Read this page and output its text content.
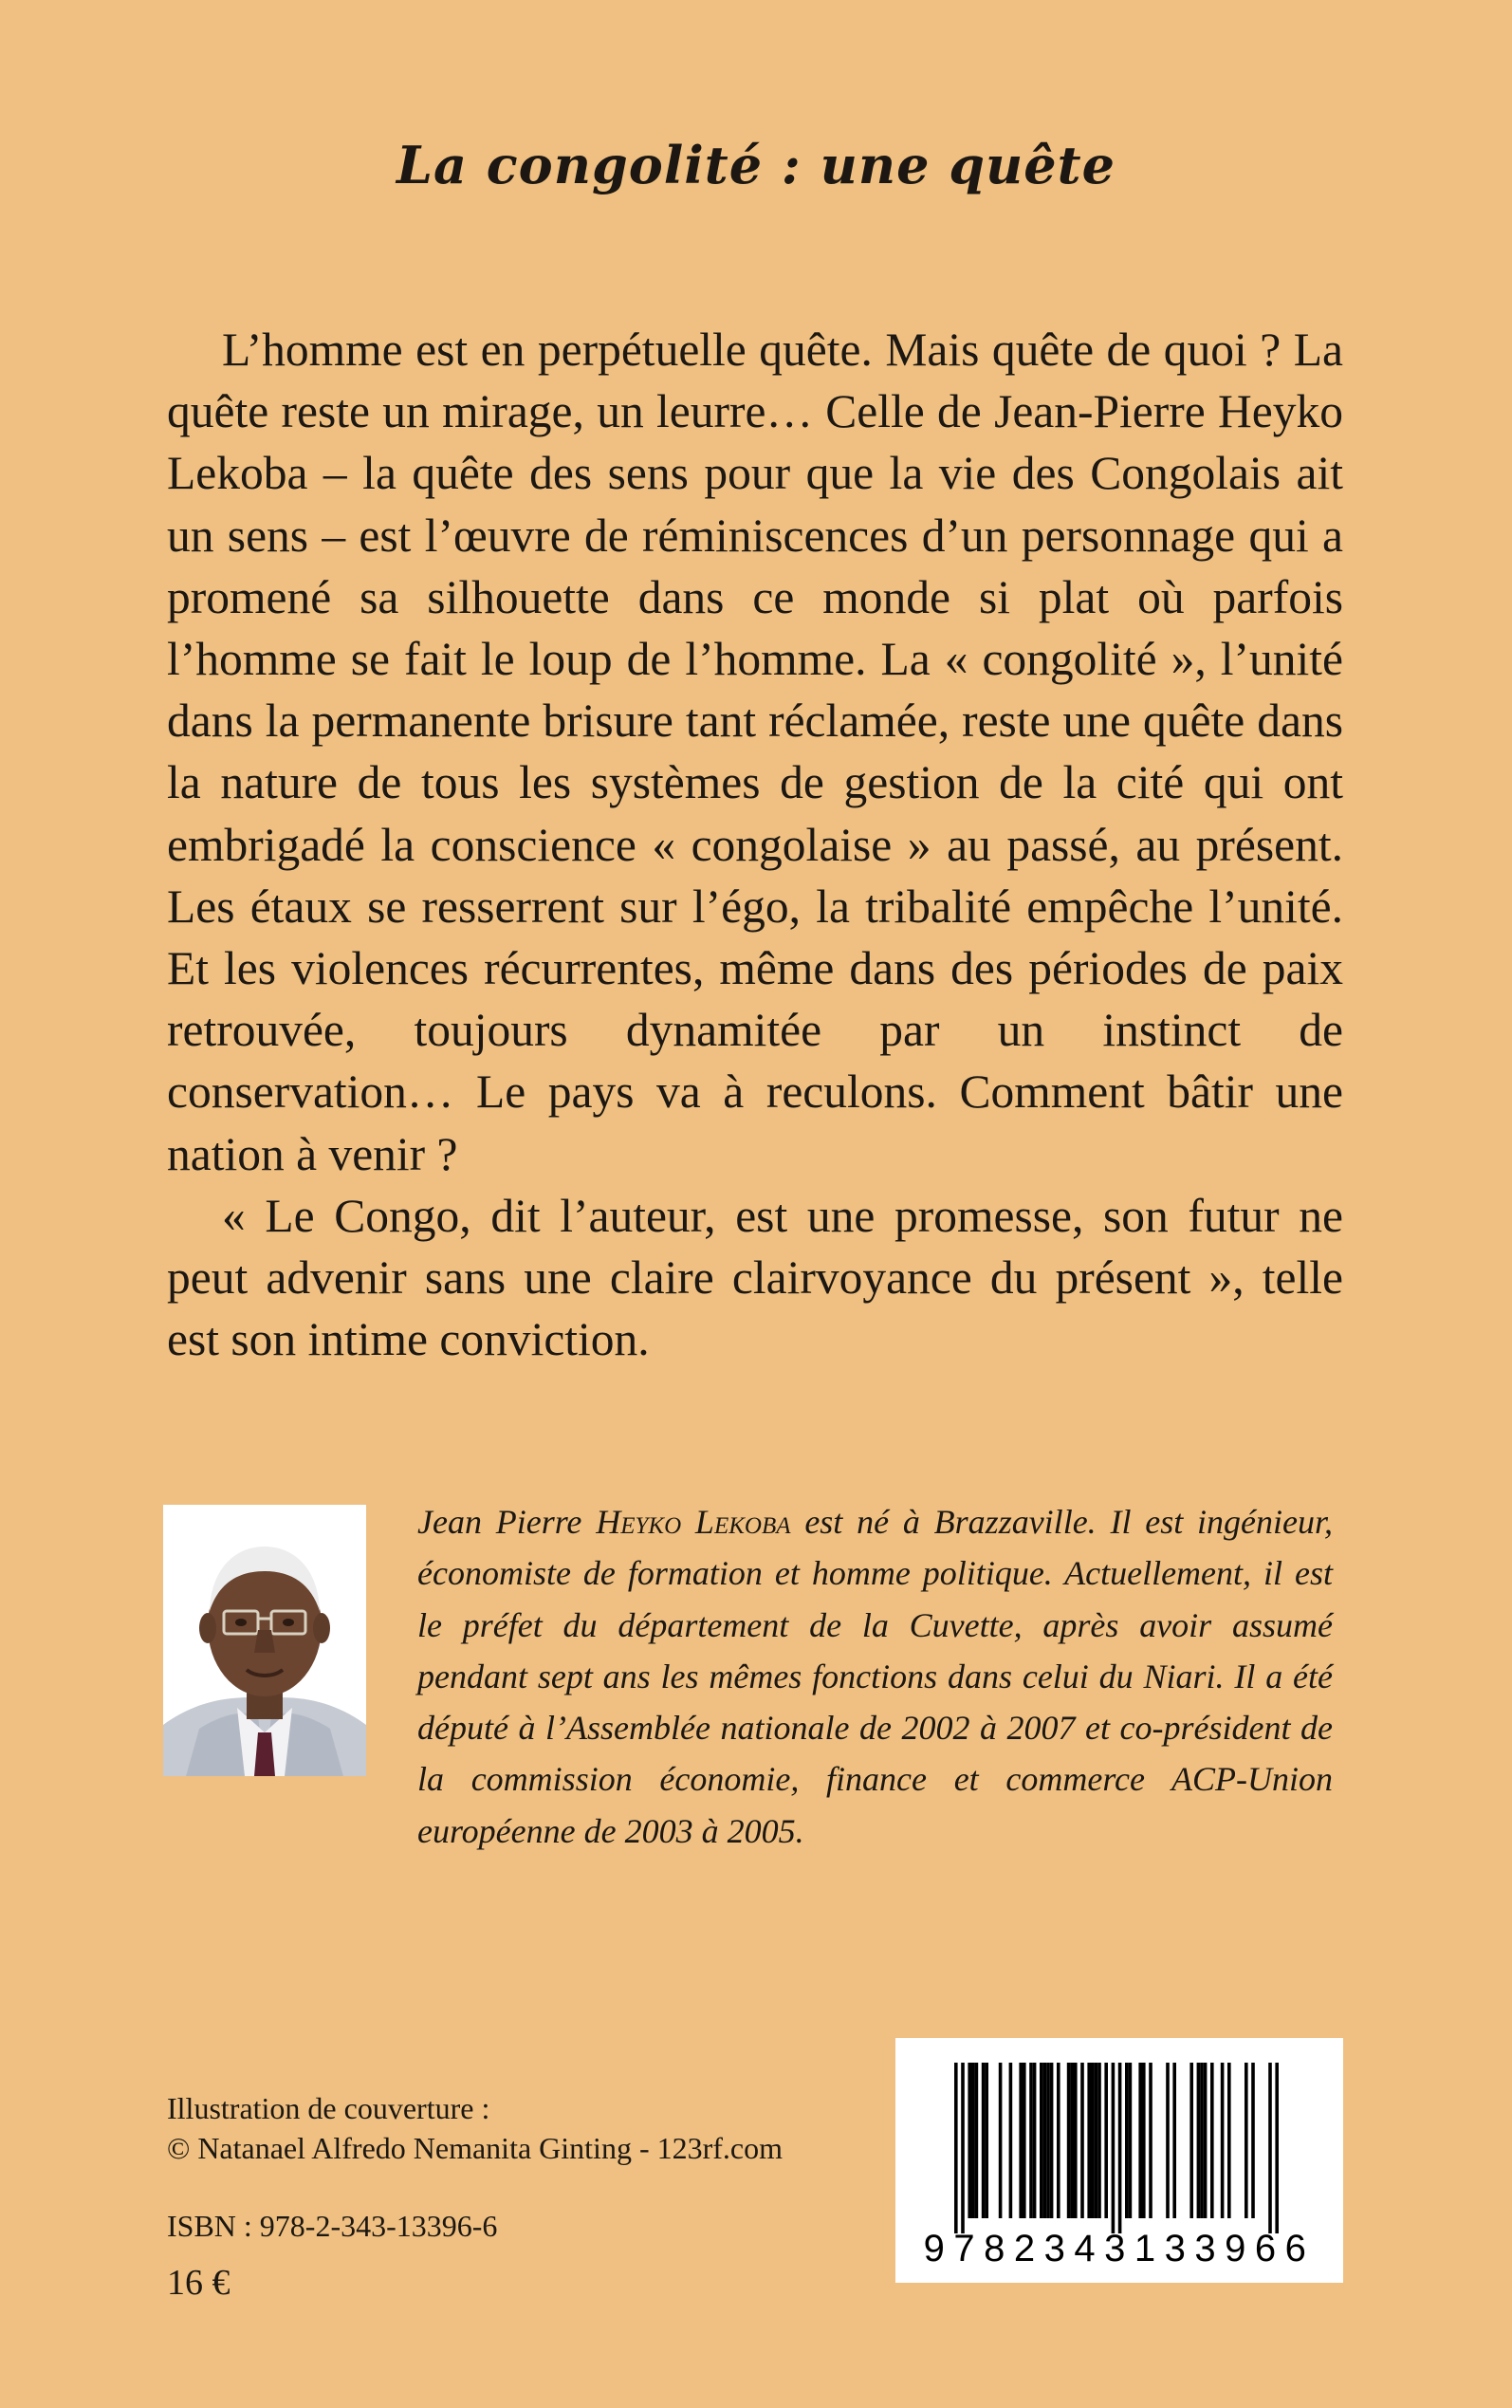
La congolité : une quête

L’homme est en perpétuelle quête. Mais quête de quoi ? La quête reste un mirage, un leurre… Celle de Jean-Pierre Heyko Lekoba – la quête des sens pour que la vie des Congolais ait un sens – est l’œuvre de réminiscences d’un personnage qui a promené sa silhouette dans ce monde si plat où parfois l’homme se fait le loup de l’homme. La « congolité », l’unité dans la permanente brisure tant réclamée, reste une quête dans la nature de tous les systèmes de gestion de la cité qui ont embrigadé la conscience « congolaise » au passé, au présent. Les étaux se resserrent sur l’égo, la tribalité empêche l’unité. Et les violences récurrentes, même dans des périodes de paix retrouvée, toujours dynamitée par un instinct de conservation… Le pays va à reculons. Comment bâtir une nation à venir ?

« Le Congo, dit l’auteur, est une promesse, son futur ne peut advenir sans une claire clairvoyance du présent », telle est son intime conviction.

Jean Pierre Heyko Lekoba est né à Brazzaville. Il est ingénieur, économiste de formation et homme politique. Actuellement, il est le préfet du département de la Cuvette, après avoir assumé pendant sept ans les mêmes fonctions dans celui du Niari. Il a été député à l’Assemblée nationale de 2002 à 2007 et co-président de la commission économie, finance et commerce ACP-Union européenne de 2003 à 2005.

Illustration de couverture :
© Natanael Alfredo Nemanita Ginting - 123rf.com
ISBN : 978-2-343-13396-6
16 €
9782343133966
